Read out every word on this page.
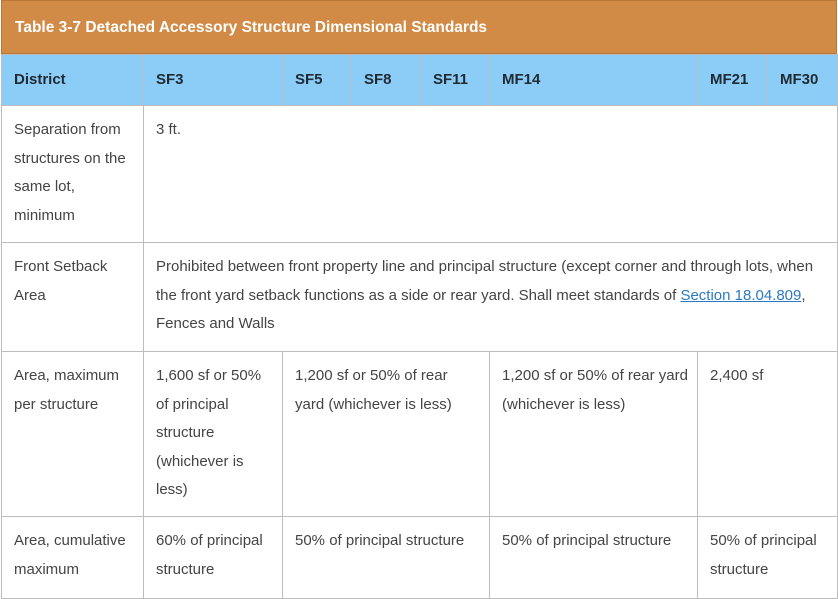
Table 3-7 Detached Accessory Structure Dimensional Standards
District	SF3	SF5	SF8	SF11	MF14	MF21	MF30
Separation from structures on the same lot, minimum	3 ft.						
Front Setback Area	Prohibited between front property line and principal structure (except corner and through lots, when the front yard setback functions as a side or rear yard. Shall meet standards of Section 18.04.809, Fences and Walls						
Area, maximum per structure	1,600 sf or 50% of principal structure (whichever is less)	1,200 sf or 50% of rear yard (whichever is less)			1,200 sf or 50% of rear yard (whichever is less)	2,400 sf	
Area, cumulative maximum	60% of principal structure	50% of principal structure			50% of principal structure	50% of principal structure	
